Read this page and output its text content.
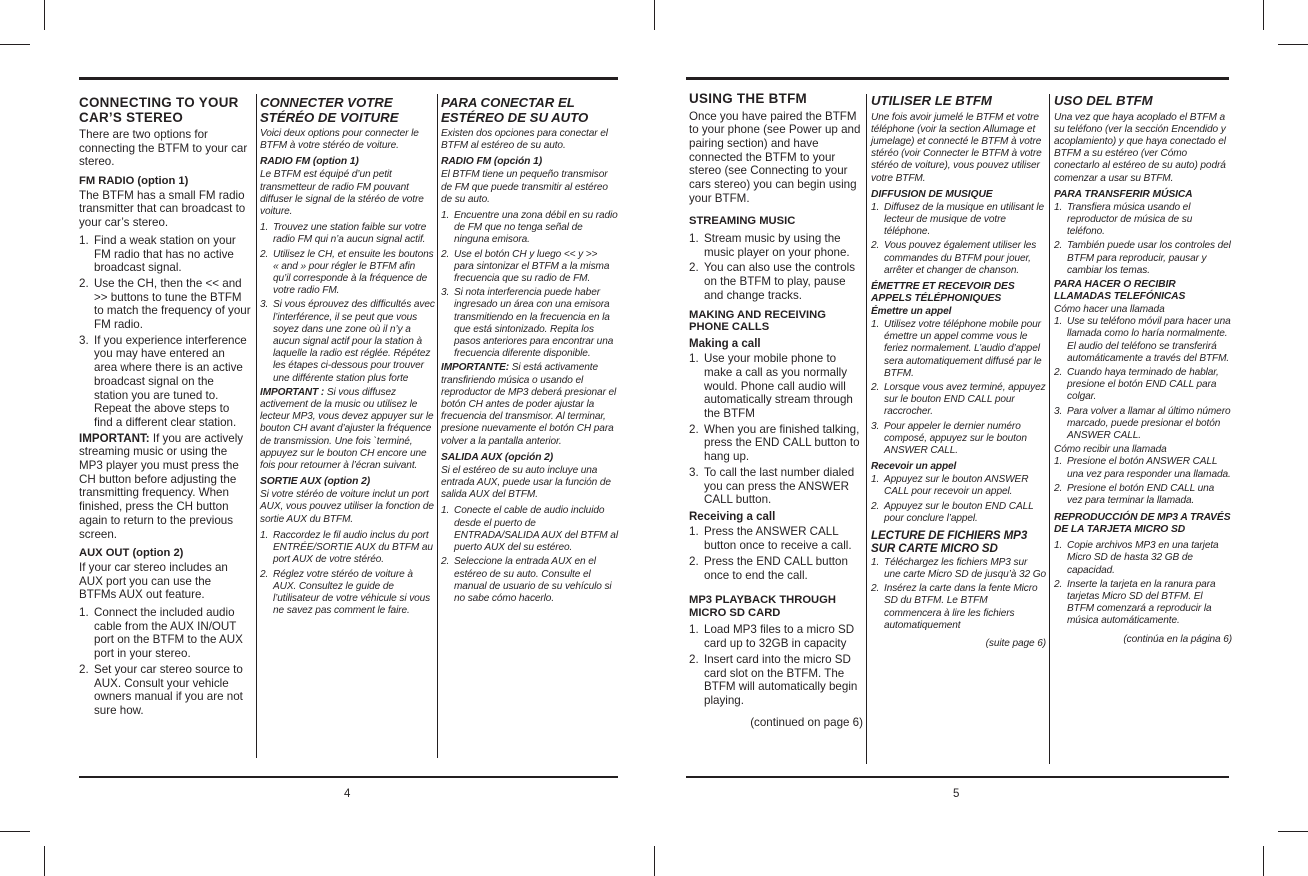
CONNECTING TO YOUR CAR’S STEREO

There are two options for connecting the BTFM to your car stereo.

FM RADIO (option 1)

The BTFM has a small FM radio transmitter that can broadcast to your car’s stereo.

1. Find a weak station on your FM radio that has no active broadcast signal.
2. Use the CH, then the << and >> buttons to tune the BTFM to match the frequency of your FM radio.
3. If you experience interference you may have entered an area where there is an active broadcast signal on the station you are tuned to. Repeat the above steps to find a different clear station.

IMPORTANT: If you are actively streaming music or using the MP3 player you must press the CH button before adjusting the transmitting frequency. When finished, press the CH button again to return to the previous screen.

AUX OUT (option 2)

If your car stereo includes an AUX port you can use the BTFMs AUX out feature.

1. Connect the included audio cable from the AUX IN/OUT port on the BTFM to the AUX port in your stereo.
2. Set your car stereo source to AUX. Consult your vehicle owners manual if you are not sure how.
CONNECTER VOTRE STÉRÉO DE VOITURE

Voici deux options pour connecter le BTFM à votre stéréo de voiture.

RADIO FM (option 1)

Le BTFM est équipé d’un petit transmetteur de radio FM pouvant diffuser le signal de la stéréo de votre voiture.

1. Trouvez une station faible sur votre radio FM qui n’a aucun signal actif.
2. Utilisez le CH, et ensuite les boutons « and » pour régler le BTFM afin qu’il corresponde à la fréquence de votre radio FM.
3. Si vous éprouvez des difficultés avec l’interférence, il se peut que vous soyez dans une zone où il n’y a aucun signal actif pour la station à laquelle la radio est réglée. Répétez les étapes ci-dessous pour trouver une différente station plus forte

IMPORTANT : Si vous diffusez activement de la music ou utilisez le lecteur MP3, vous devez appuyer sur le bouton CH avant d’ajuster la fréquence de transmission. Une fois `terminé, appuyez sur le bouton CH encore une fois pour retourner à l’écran suivant.

SORTIE AUX (option 2)

Si votre stéréo de voiture inclut un port AUX, vous pouvez utiliser la fonction de sortie AUX du BTFM.

1. Raccordez le fil audio inclus du port ENTRÉE/SORTIE AUX du BTFM au port AUX de votre stéréo.
2. Réglez votre stéréo de voiture à AUX. Consultez le guide de l’utilisateur de votre véhicule si vous ne savez pas comment le faire.
PARA CONECTAR EL ESTÉREO DE SU AUTO

Existen dos opciones para conectar el BTFM al estéreo de su auto.

RADIO FM (opción 1)

El BTFM tiene un pequeño transmisor de FM que puede transmitir al estéreo de su auto.

1. Encuentre una zona débil en su radio de FM que no tenga señal de ninguna emisora.
2. Use el botón CH y luego << y >> para sintonizar el BTFM a la misma frecuencia que su radio de FM.
3. Si nota interferencia puede haber ingresado un área con una emisora transmitiendo en la frecuencia en la que está sintonizado. Repita los pasos anteriores para encontrar una frecuencia diferente disponible.

IMPORTANTE: Si está activamente transfiriendo música o usando el reproductor de MP3 deberá presionar el botón CH antes de poder ajustar la frecuencia del transmisor. Al terminar, presione nuevamente el botón CH para volver a la pantalla anterior.

SALIDA AUX (opción 2)

Si el estéreo de su auto incluye una entrada AUX, puede usar la función de salida AUX del BTFM.

1. Conecte el cable de audio incluido desde el puerto de ENTRADA/SALIDA AUX del BTFM al puerto AUX del su estéreo.
2. Seleccione la entrada AUX en el estéreo de su auto. Consulte el manual de usuario de su vehículo si no sabe cómo hacerlo.
4
USING THE BTFM

Once you have paired the BTFM to your phone (see Power up and pairing section) and have connected the BTFM to your stereo (see Connecting to your cars stereo) you can begin using your BTFM.

STREAMING MUSIC
1. Stream music by using the music player on your phone.
2. You can also use the controls on the BTFM to play, pause and change tracks.
MAKING AND RECEIVING PHONE CALLS
Making a call
1. Use your mobile phone to make a call as you normally would. Phone call audio will automatically stream through the BTFM
2. When you are finished talking, press the END CALL button to hang up.
3. To call the last number dialed you can press the ANSWER CALL button.
Receiving a call
1. Press the ANSWER CALL button once to receive a call.
2. Press the END CALL button once to end the call.
MP3 PLAYBACK THROUGH MICRO SD CARD
1. Load MP3 files to a micro SD card up to 32GB in capacity
2. Insert card into the micro SD card slot on the BTFM. The BTFM will automatically begin playing.

(continued on page 6)

UTILISER LE BTFM

Une fois avoir jumelé le BTFM et votre téléphone (voir la section Allumage et jumelage) et connecté le BTFM à votre stéréo (voir Connecter le BTFM à votre stéréo de voiture), vous pouvez utiliser votre BTFM.

DIFFUSION DE MUSIQUE
1. Diffusez de la musique en utilisant le lecteur de musique de votre téléphone.
2. Vous pouvez également utiliser les commandes du BTFM pour jouer, arrêter et changer de chanson.
ÉMETTRE ET RECEVOIR DES APPELS TÉLÉPHONIQUES
Émettre un appel
1. Utilisez votre téléphone mobile pour émettre un appel comme vous le feriez normalement. L’audio d’appel sera automatiquement diffusé par le BTFM.
2. Lorsque vous avez terminé, appuyez sur le bouton END CALL pour raccrocher.
3. Pour appeler le dernier numéro composé, appuyez sur le bouton ANSWER CALL.
Recevoir un appel
1. Appuyez sur le bouton ANSWER CALL pour recevoir un appel.
2. Appuyez sur le bouton END CALL pour conclure l’appel.
LECTURE DE FICHIERS MP3 SUR CARTE MICRO SD
1. Téléchargez les fichiers MP3 sur une carte Micro SD de jusqu’à 32 Go
2. Insérez la carte dans la fente Micro SD du BTFM. Le BTFM commencera à lire les fichiers automatiquement

(suite page 6)

USO DEL BTFM

Una vez que haya acoplado el BTFM a su teléfono (ver la sección Encendido y acoplamiento) y que haya conectado el BTFM a su estéreo (ver Cómo conectarlo al estéreo de su auto) podrá comenzar a usar su BTFM.

PARA TRANSFERIR MÚSICA
1. Transfiera música usando el reproductor de música de su teléfono.
2. También puede usar los controles del BTFM para reproducir, pausar y cambiar los temas.
PARA HACER O RECIBIR LLAMADAS TELEFÓNICAS

Cómo hacer una llamada

1. Use su teléfono móvil para hacer una llamada como lo haría normalmente. El audio del teléfono se transferirá automáticamente a través del BTFM.
2. Cuando haya terminado de hablar, presione el botón END CALL para colgar.
3. Para volver a llamar al último número marcado, puede presionar el botón ANSWER CALL.

Cómo recibir una llamada

1. Presione el botón ANSWER CALL una vez para responder una llamada.
2. Presione el botón END CALL una vez para terminar la llamada.
REPRODUCCIÓN DE MP3 A TRAVÉS DE LA TARJETA MICRO SD
1. Copie archivos MP3 en una tarjeta Micro SD de hasta 32 GB de capacidad.
2. Inserte la tarjeta en la ranura para tarjetas Micro SD del BTFM. El BTFM comenzará a reproducir la música automáticamente.

(continúa en la página 6)

5
